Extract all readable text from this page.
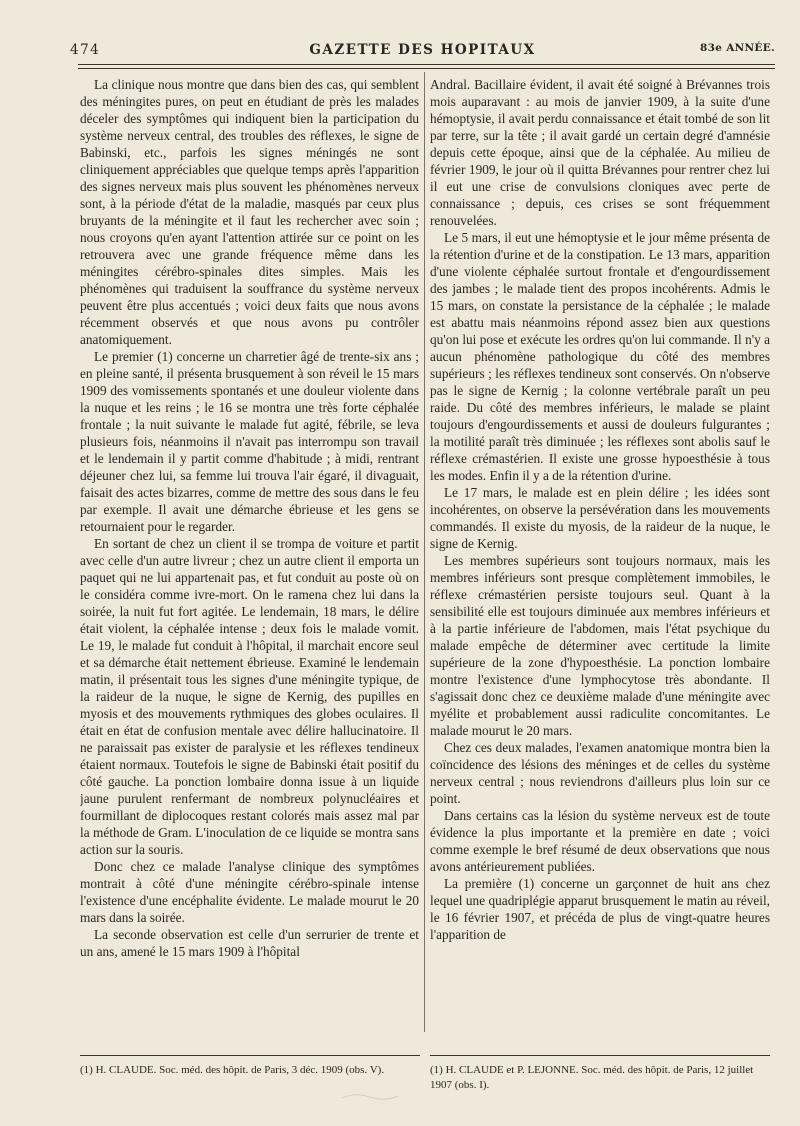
474	GAZETTE DES HOPITAUX	83e ANNÉE.

La clinique nous montre que dans bien des cas, qui semblent des méningites pures, on peut en étudiant de près les malades déceler des symptômes qui indiquent bien la participation du système nerveux central, des troubles des réflexes, le signe de Babinski, etc., parfois les signes méningés ne sont cliniquement appréciables que quelque temps après l'apparition des signes nerveux mais plus souvent les phénomènes nerveux sont, à la période d'état de la maladie, masqués par ceux plus bruyants de la méningite et il faut les rechercher avec soin ; nous croyons qu'en ayant l'attention attirée sur ce point on les retrouvera avec une grande fréquence même dans les méningites cérébro-spinales dites simples. Mais les phénomènes qui traduisent la souffrance du système nerveux peuvent être plus accentués ; voici deux faits que nous avons récemment observés et que nous avons pu contrôler anatomiquement.

Le premier (1) concerne un charretier âgé de trente-six ans ; en pleine santé, il présenta brusquement à son réveil le 15 mars 1909 des vomissements spontanés et une douleur violente dans la nuque et les reins ; le 16 se montra une très forte céphalée frontale ; la nuit suivante le malade fut agité, fébrile, se leva plusieurs fois, néanmoins il n'avait pas interrompu son travail et le lendemain il y partit comme d'habitude ; à midi, rentrant déjeuner chez lui, sa femme lui trouva l'air égaré, il divaguait, faisait des actes bizarres, comme de mettre des sous dans le feu par exemple. Il avait une démarche ébrieuse et les gens se retournaient pour le regarder.

En sortant de chez un client il se trompa de voiture et partit avec celle d'un autre livreur ; chez un autre client il emporta un paquet qui ne lui appartenait pas, et fut conduit au poste où on le considéra comme ivre-mort. On le ramena chez lui dans la soirée, la nuit fut fort agitée. Le lendemain, 18 mars, le délire était violent, la céphalée intense ; deux fois le malade vomit. Le 19, le malade fut conduit à l'hôpital, il marchait encore seul et sa démarche était nettement ébrieuse. Examiné le lendemain matin, il présentait tous les signes d'une méningite typique, de la raideur de la nuque, le signe de Kernig, des pupilles en myosis et des mouvements rythmiques des globes oculaires. Il était en état de confusion mentale avec délire hallucinatoire. Il ne paraissait pas exister de paralysie et les réflexes tendineux étaient normaux. Toutefois le signe de Babinski était positif du côté gauche. La ponction lombaire donna issue à un liquide jaune purulent renfermant de nombreux polynucléaires et fourmillant de diplocoques restant colorés mais assez mal par la méthode de Gram. L'inoculation de ce liquide se montra sans action sur la souris.

Donc chez ce malade l'analyse clinique des symptômes montrait à côté d'une méningite cérébro-spinale intense l'existence d'une encéphalite évidente. Le malade mourut le 20 mars dans la soirée.

La seconde observation est celle d'un serrurier de trente et un ans, amené le 15 mars 1909 à l'hôpital

Andral. Bacillaire évident, il avait été soigné à Brévannes trois mois auparavant : au mois de janvier 1909, à la suite d'une hémoptysie, il avait perdu connaissance et était tombé de son lit par terre, sur la tête ; il avait gardé un certain degré d'amnésie depuis cette époque, ainsi que de la céphalée. Au milieu de février 1909, le jour où il quitta Brévannes pour rentrer chez lui il eut une crise de convulsions cloniques avec perte de connaissance ; depuis, ces crises se sont fréquemment renouvelées.

Le 5 mars, il eut une hémoptysie et le jour même présenta de la rétention d'urine et de la constipation. Le 13 mars, apparition d'une violente céphalée surtout frontale et d'engourdissement des jambes ; le malade tient des propos incohérents. Admis le 15 mars, on constate la persistance de la céphalée ; le malade est abattu mais néanmoins répond assez bien aux questions qu'on lui pose et exécute les ordres qu'on lui commande. Il n'y a aucun phénomène pathologique du côté des membres supérieurs ; les réflexes tendineux sont conservés. On n'observe pas le signe de Kernig ; la colonne vertébrale paraît un peu raide. Du côté des membres inférieurs, le malade se plaint toujours d'engourdissements et aussi de douleurs fulgurantes ; la motilité paraît très diminuée ; les réflexes sont abolis sauf le réflexe crémastérien. Il existe une grosse hypoesthésie à tous les modes. Enfin il y a de la rétention d'urine.

Le 17 mars, le malade est en plein délire ; les idées sont incohérentes, on observe la persévération dans les mouvements commandés. Il existe du myosis, de la raideur de la nuque, le signe de Kernig.

Les membres supérieurs sont toujours normaux, mais les membres inférieurs sont presque complètement immobiles, le réflexe crémastérien persiste toujours seul. Quant à la sensibilité elle est toujours diminuée aux membres inférieurs et à la partie inférieure de l'abdomen, mais l'état psychique du malade empêche de déterminer avec certitude la limite supérieure de la zone d'hypoesthésie. La ponction lombaire montre l'existence d'une lymphocytose très abondante. Il s'agissait donc chez ce deuxième malade d'une méningite avec myélite et probablement aussi radiculite concomitantes. Le malade mourut le 20 mars.

Chez ces deux malades, l'examen anatomique montra bien la coïncidence des lésions des méninges et de celles du système nerveux central ; nous reviendrons d'ailleurs plus loin sur ce point.

Dans certains cas la lésion du système nerveux est de toute évidence la plus importante et la première en date ; voici comme exemple le bref résumé de deux observations que nous avons antérieurement publiées.

La première (1) concerne un garçonnet de huit ans chez lequel une quadriplégie apparut brusquement le matin au réveil, le 16 février 1907, et précéda de plus de vingt-quatre heures l'apparition de

(1) H. CLAUDE. Soc. méd. des hôpit. de Paris, 3 déc. 1909 (obs. V).	(1) H. CLAUDE et P. LEJONNE. Soc. méd. des hôpit. de Paris, 12 juillet 1907 (obs. I).
